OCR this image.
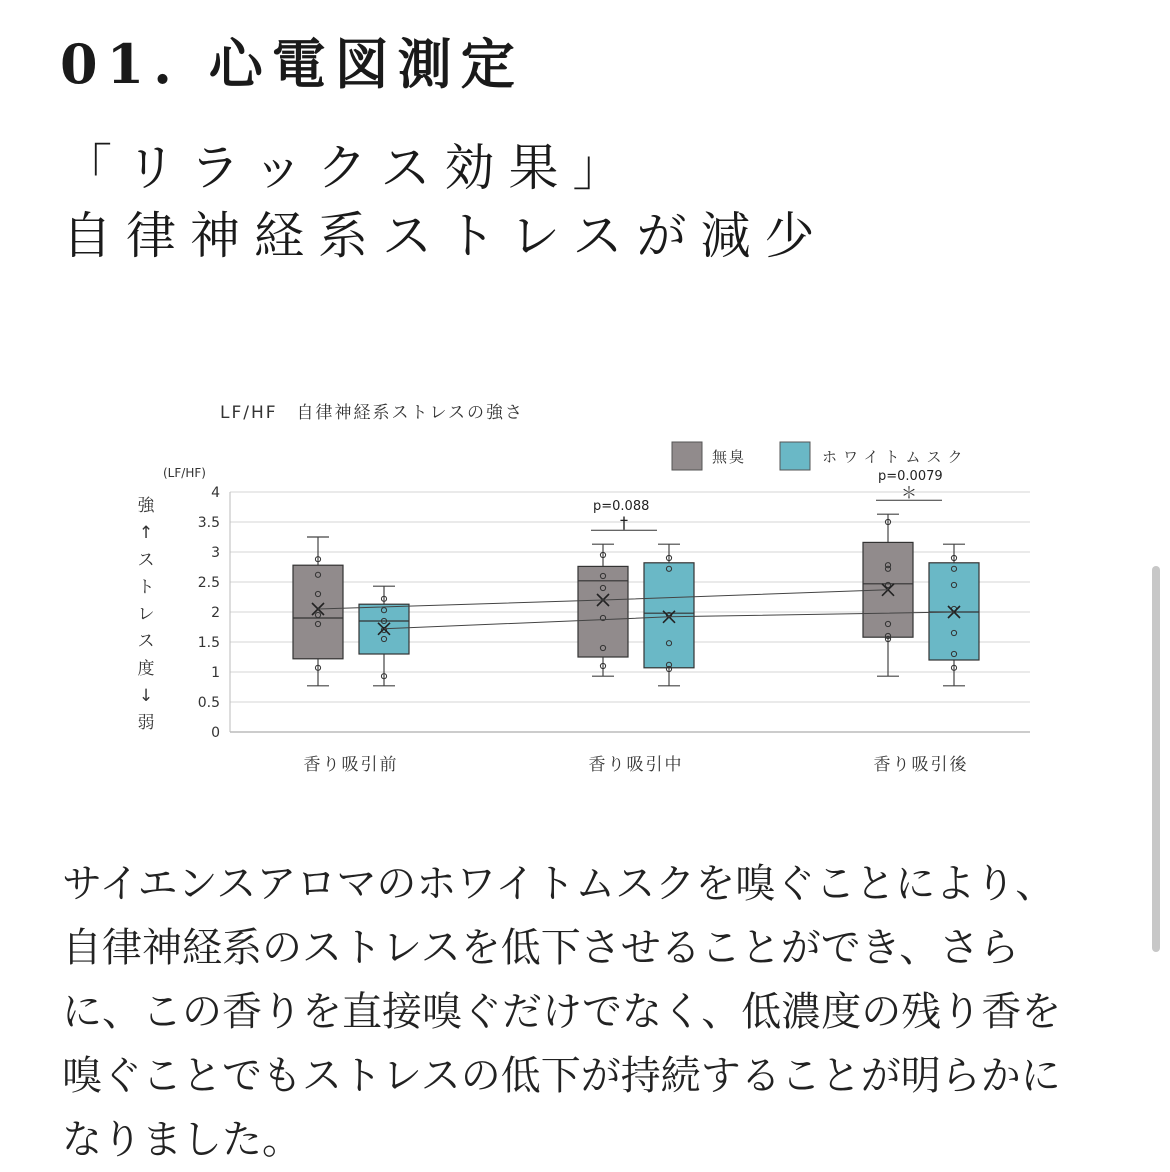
01. 心電図測定
「リラックス効果」
自律神経系ストレスが減少
LF/HF　自律神経系ストレスの強さ
(LF/HF)
無臭	ホワイトムスク
強
↑
ス
ト
レ
ス
度
↓
弱	0
0.5
1
1.5
2
2.5
3
3.5
4
香り吸引前	香り吸引中	香り吸引後
†
p=0.088
＊
p=0.0079
サイエンスアロマのホワイトムスクを嗅ぐことにより、
自律神経系のストレスを低下させることができ、さら
に、この香りを直接嗅ぐだけでなく、低濃度の残り香を
嗅ぐことでもストレスの低下が持続することが明らかに
なりました。
